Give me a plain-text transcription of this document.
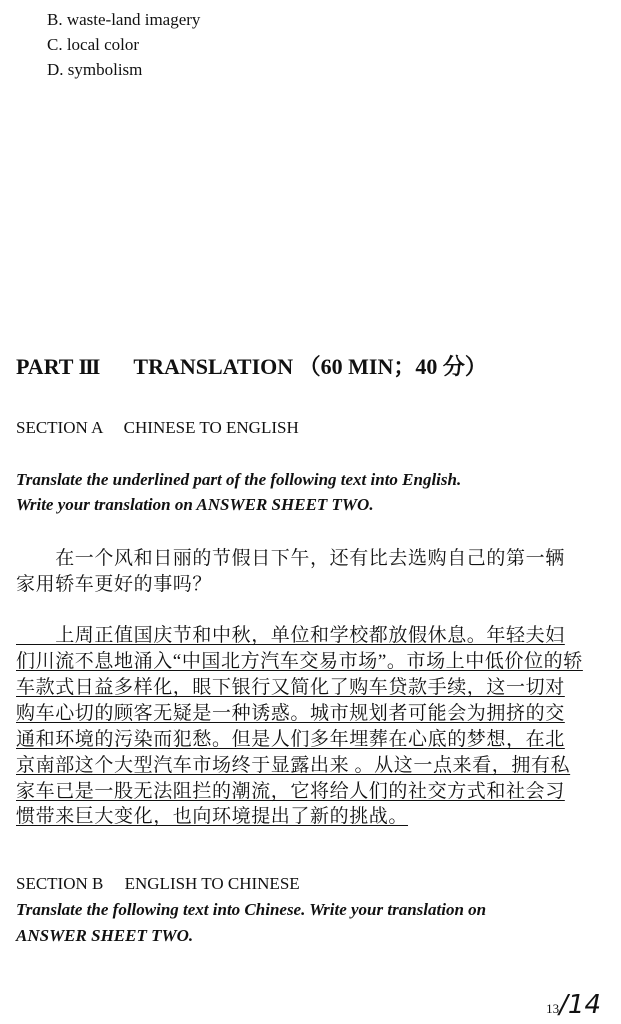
B. waste-land imagery
C. local color
D. symbolism
PART III TRANSLATION （60 MIN；40 分）
SECTION A     CHINESE TO ENGLISH
Translate the underlined part of the following text into English.
Write your translation on ANSWER SHEET TWO.
　　在一个风和日丽的节假日下午，还有比去选购自己的第一辆
家用轿车更好的事吗？
　　上周正值国庆节和中秋，单位和学校都放假休息。年轻夫妇
们川流不息地涌入“中国北方汽车交易市场”。市场上中低价位的轿
车款式日益多样化，眼下银行又简化了购车贷款手续，这一切对
购车心切的顾客无疑是一种诱惑。城市规划者可能会为拥挤的交
通和环境的污染而犯愁。但是人们多年埋葬在心底的梦想，在北
京南部这个大型汽车市场终于显露出来 。从这一点来看，拥有私
家车已是一股无法阻拦的潮流，它将给人们的社交方式和社会习
惯带来巨大变化，也向环境提出了新的挑战。
SECTION B     ENGLISH TO CHINESE
Translate the following text into Chinese. Write your translation on
ANSWER SHEET TWO.
13/14
